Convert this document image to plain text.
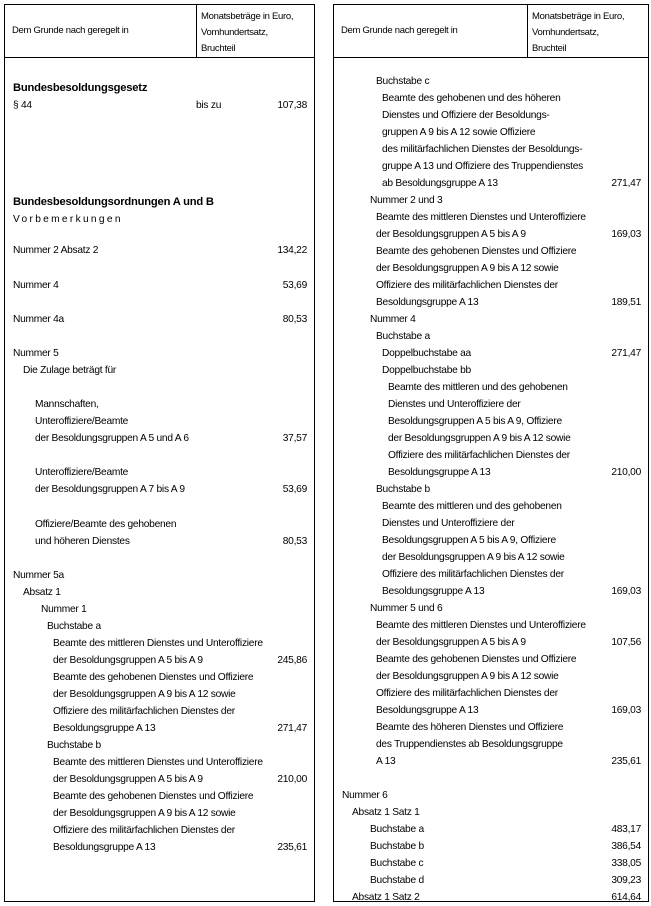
Dem Grunde nach geregelt in
Monatsbeträge in Euro,
Vomhundertsatz,
Bruchteil
Bundesbesoldungsgesetz
§ 44	bis zu	107,38
Bundesbesoldungsordnungen A und B
Vorbemerkungen
Nummer 2 Absatz 2	134,22
Nummer 4	53,69
Nummer 4a	80,53
Nummer 5
Die Zulage beträgt für
Mannschaften,
Unteroffiziere/Beamte
der Besoldungsgruppen A 5 und A 6	37,57
Unteroffiziere/Beamte
der Besoldungsgruppen A 7 bis A 9	53,69
Offiziere/Beamte des gehobenen
und höheren Dienstes	80,53
Nummer 5a
Absatz 1
Nummer 1
Buchstabe a
Beamte des mittleren Dienstes und Unteroffiziere
der Besoldungsgruppen A 5 bis A 9	245,86
Beamte des gehobenen Dienstes und Offiziere
der Besoldungsgruppen A 9 bis A 12 sowie
Offiziere des militärfachlichen Dienstes der
Besoldungsgruppe A 13	271,47
Buchstabe b
Beamte des mittleren Dienstes und Unteroffiziere
der Besoldungsgruppen A 5 bis A 9	210,00
Beamte des gehobenen Dienstes und Offiziere
der Besoldungsgruppen A 9 bis A 12 sowie
Offiziere des militärfachlichen Dienstes der
Besoldungsgruppe A 13	235,61
Dem Grunde nach geregelt in
Monatsbeträge in Euro,
Vomhundertsatz,
Bruchteil
Buchstabe c
Beamte des gehobenen und des höheren
Dienstes und Offiziere der Besoldungs-
gruppen A 9 bis A 12 sowie Offiziere
des militärfachlichen Dienstes der Besoldungs-
gruppe A 13 und Offiziere des Truppendienstes
ab Besoldungsgruppe A 13	271,47
Nummer 2 und 3
Beamte des mittleren Dienstes und Unteroffiziere
der Besoldungsgruppen A 5 bis A 9	169,03
Beamte des gehobenen Dienstes und Offiziere
der Besoldungsgruppen A 9 bis A 12 sowie
Offiziere des militärfachlichen Dienstes der
Besoldungsgruppe A 13	189,51
Nummer 4
Buchstabe a
Doppelbuchstabe aa	271,47
Doppelbuchstabe bb
Beamte des mittleren und des gehobenen
Dienstes und Unteroffiziere der
Besoldungsgruppen A 5 bis A 9, Offiziere
der Besoldungsgruppen A 9 bis A 12 sowie
Offiziere des militärfachlichen Dienstes der
Besoldungsgruppe A 13	210,00
Buchstabe b
Beamte des mittleren und des gehobenen
Dienstes und Unteroffiziere der
Besoldungsgruppen A 5 bis A 9, Offiziere
der Besoldungsgruppen A 9 bis A 12 sowie
Offiziere des militärfachlichen Dienstes der
Besoldungsgruppe A 13	169,03
Nummer 5 und 6
Beamte des mittleren Dienstes und Unteroffiziere
der Besoldungsgruppen A 5 bis A 9	107,56
Beamte des gehobenen Dienstes und Offiziere
der Besoldungsgruppen A 9 bis A 12 sowie
Offiziere des militärfachlichen Dienstes der
Besoldungsgruppe A 13	169,03
Beamte des höheren Dienstes und Offiziere
des Truppendienstes ab Besoldungsgruppe
A 13	235,61
Nummer 6
Absatz 1 Satz 1
Buchstabe a	483,17
Buchstabe b	386,54
Buchstabe c	338,05
Buchstabe d	309,23
Absatz 1 Satz 2	614,64
